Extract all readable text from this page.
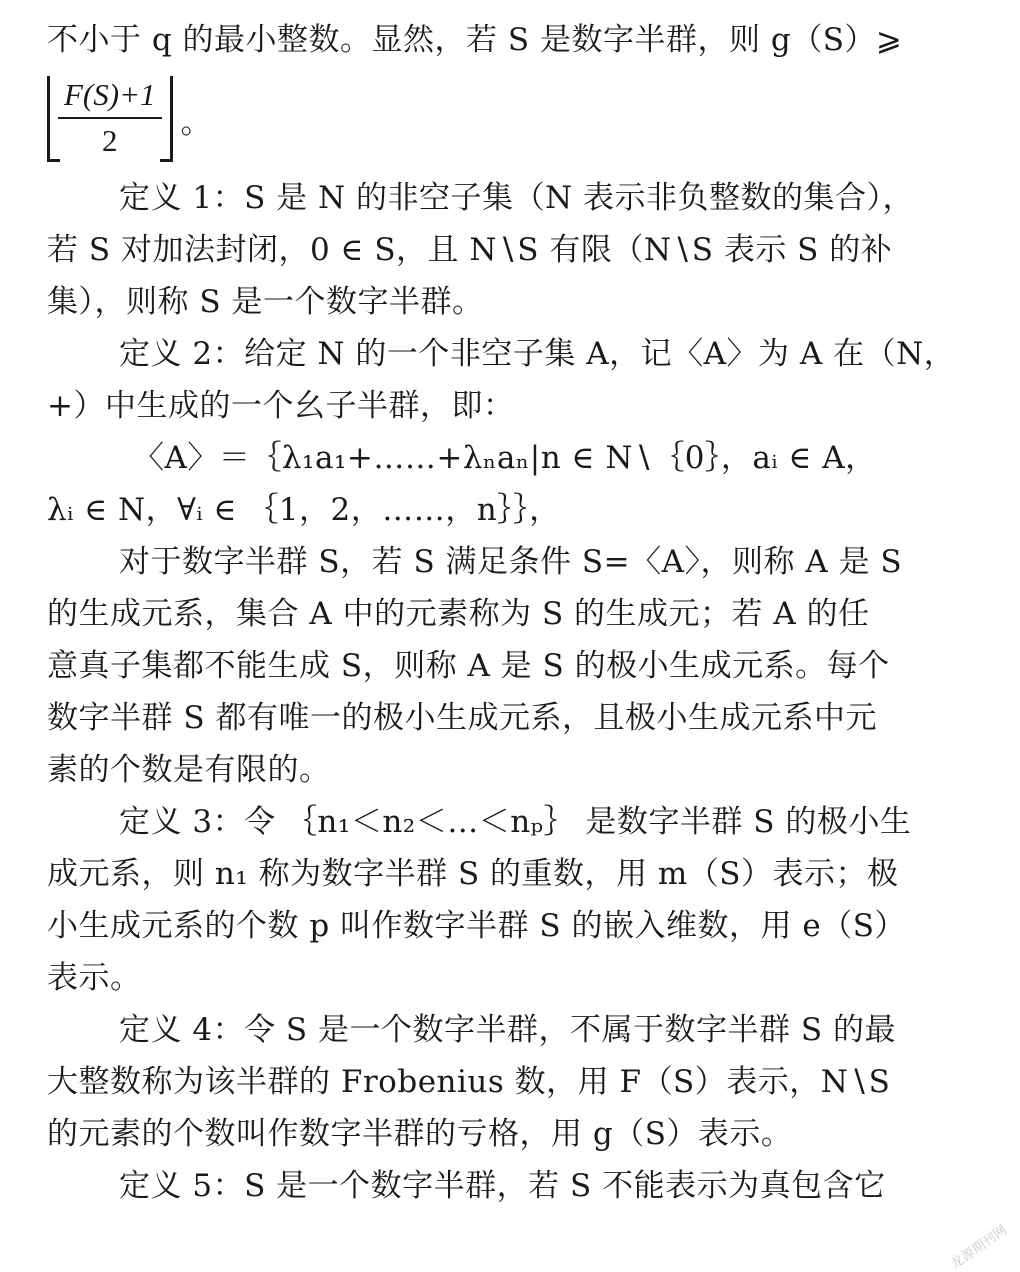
不小于 q 的最小整数。显然，若 S 是数字半群，则 g（S）⩾
$\frac{F(S)+1}{2}$ 。
定义 1：S 是 N 的非空子集（N 表示非负整数的集合），
若 S 对加法封闭，0 ∈ S，且 N∖S 有限（N∖S 表示 S 的补
集），则称 S 是一个数字半群。
定义 2：给定 N 的一个非空子集 A，记〈A〉为 A 在（N，
+）中生成的一个幺子半群，即：
〈A〉＝｛λ₁a₁+……+λₙaₙ|n ∈ N∖｛0｝，aᵢ ∈ A，
λᵢ ∈ N，∀ᵢ ∈ ｛1，2，……，n｝｝，
对于数字半群 S，若 S 满足条件 S=〈A〉，则称 A 是 S
的生成元系，集合 A 中的元素称为 S 的生成元；若 A 的任
意真子集都不能生成 S，则称 A 是 S 的极小生成元系。每个
数字半群 S 都有唯一的极小生成元系，且极小生成元系中元
素的个数是有限的。
定义 3：令 ｛n₁＜n₂＜…＜nₚ｝ 是数字半群 S 的极小生
成元系，则 n₁ 称为数字半群 S 的重数，用 m（S）表示；极
小生成元系的个数 p 叫作数字半群 S 的嵌入维数，用 e（S）
表示。
定义 4：令 S 是一个数字半群，不属于数字半群 S 的最
大整数称为该半群的 Frobenius 数，用 F（S）表示，N∖S
的元素的个数叫作数字半群的亏格，用 g（S）表示。
定义 5：S 是一个数字半群，若 S 不能表示为真包含它
龙源期刊网
